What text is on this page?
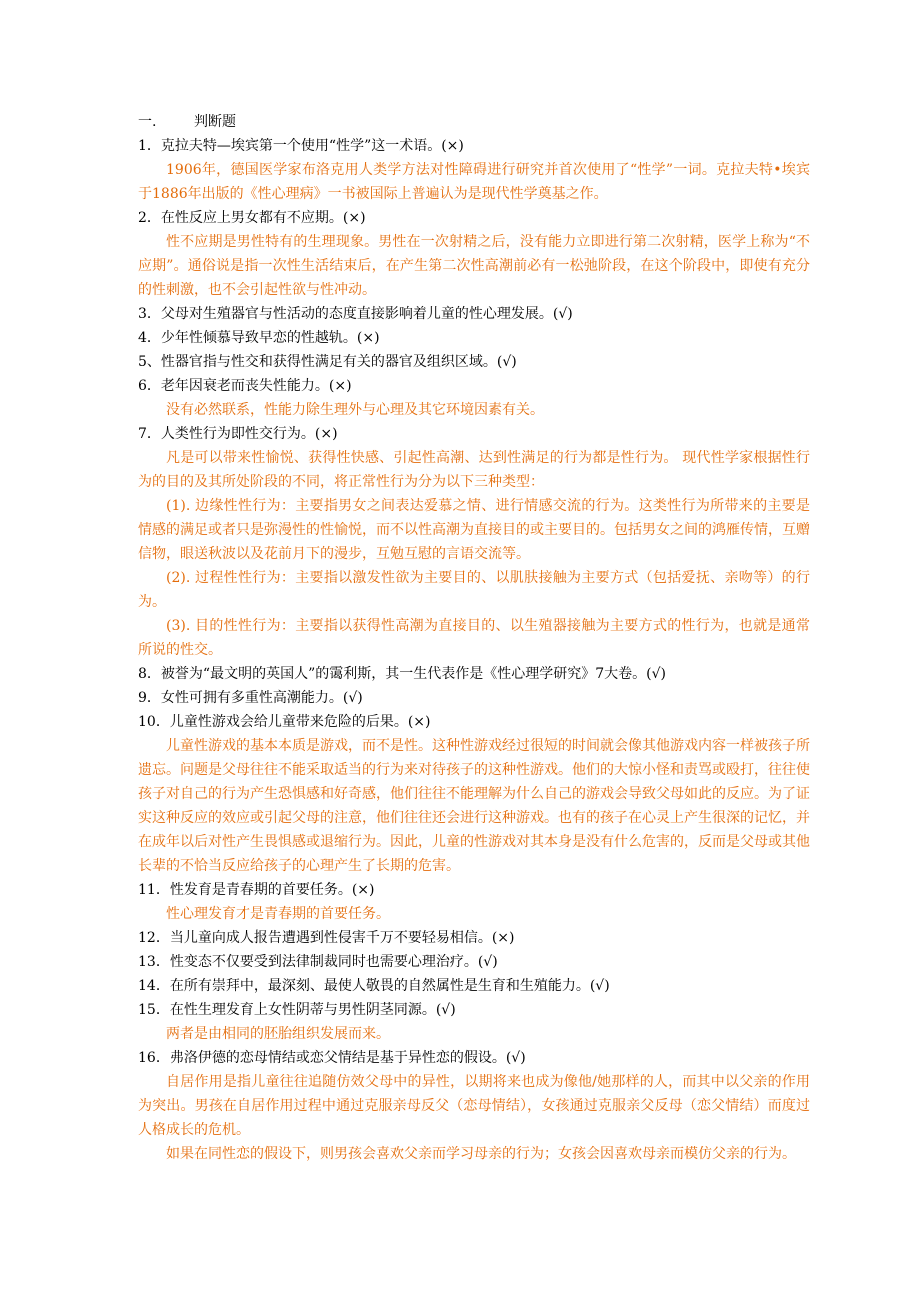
一.	判断题

1．克拉夫特—埃宾第一个使用“性学”这一术语。(×)

1906年，德国医学家布洛克用人类学方法对性障碍进行研究并首次使用了“性学”一词。克拉夫特•埃宾于1886年出版的《性心理病》一书被国际上普遍认为是现代性学奠基之作。

2．在性反应上男女都有不应期。(×)

性不应期是男性特有的生理现象。男性在一次射精之后，没有能力立即进行第二次射精，医学上称为“不应期”。通俗说是指一次性生活结束后，在产生第二次性高潮前必有一松弛阶段，在这个阶段中，即使有充分的性刺激，也不会引起性欲与性冲动。

3．父母对生殖器官与性活动的态度直接影响着儿童的性心理发展。(√)

4．少年性倾慕导致早恋的性越轨。(×)

5、性器官指与性交和获得性满足有关的器官及组织区域。(√)

6．老年因衰老而丧失性能力。(×)

没有必然联系，性能力除生理外与心理及其它环境因素有关。

7．人类性行为即性交行为。(×)

凡是可以带来性愉悦、获得性快感、引起性高潮、达到性满足的行为都是性行为。 现代性学家根据性行为的目的及其所处阶段的不同，将正常性行为分为以下三种类型：

(1). 边缘性性行为：主要指男女之间表达爱慕之情、进行情感交流的行为。这类性行为所带来的主要是情感的满足或者只是弥漫性的性愉悦，而不以性高潮为直接目的或主要目的。包括男女之间的鸿雁传情，互赠信物，眼送秋波以及花前月下的漫步，互勉互慰的言语交流等。

(2). 过程性性行为：主要指以激发性欲为主要目的、以肌肤接触为主要方式（包括爱抚、亲吻等）的行为。

(3). 目的性性行为：主要指以获得性高潮为直接目的、以生殖器接触为主要方式的性行为，也就是通常所说的性交。

8．被誉为“最文明的英国人”的霭利斯，其一生代表作是《性心理学研究》7大卷。(√)

9．女性可拥有多重性高潮能力。(√)

10．儿童性游戏会给儿童带来危险的后果。(×)

儿童性游戏的基本本质是游戏，而不是性。这种性游戏经过很短的时间就会像其他游戏内容一样被孩子所遗忘。问题是父母往往不能采取适当的行为来对待孩子的这种性游戏。他们的大惊小怪和责骂或殴打，往往使孩子对自己的行为产生恐惧感和好奇感，他们往往不能理解为什么自己的游戏会导致父母如此的反应。为了证实这种反应的效应或引起父母的注意，他们往往还会进行这种游戏。也有的孩子在心灵上产生很深的记忆，并在成年以后对性产生畏惧感或退缩行为。因此，儿童的性游戏对其本身是没有什么危害的，反而是父母或其他长辈的不恰当反应给孩子的心理产生了长期的危害。

11．性发育是青春期的首要任务。(×)

性心理发育才是青春期的首要任务。

12．当儿童向成人报告遭遇到性侵害千万不要轻易相信。(×)

13．性变态不仅要受到法律制裁同时也需要心理治疗。(√)

14．在所有崇拜中，最深刻、最使人敬畏的自然属性是生育和生殖能力。(√)

15．在性生理发育上女性阴蒂与男性阴茎同源。(√)

两者是由相同的胚胎组织发展而来。

16．弗洛伊德的恋母情结或恋父情结是基于异性恋的假设。(√)

自居作用是指儿童往往追随仿效父母中的异性，以期将来也成为像他/她那样的人，而其中以父亲的作用为突出。男孩在自居作用过程中通过克服亲母反父（恋母情结），女孩通过克服亲父反母（恋父情结）而度过人格成长的危机。

如果在同性恋的假设下，则男孩会喜欢父亲而学习母亲的行为；女孩会因喜欢母亲而模仿父亲的行为。
